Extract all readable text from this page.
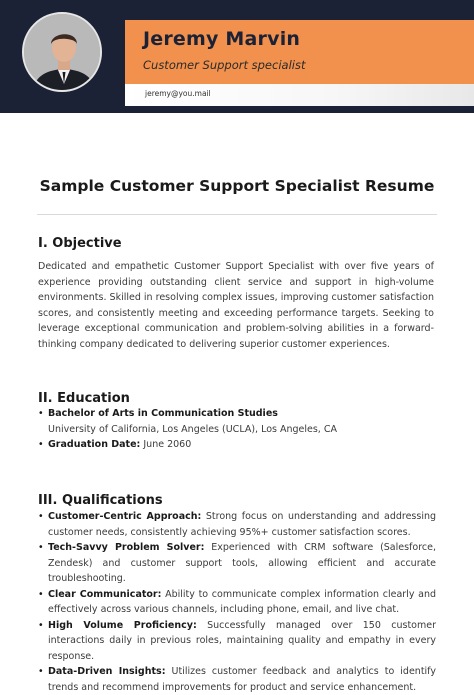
Jeremy Marvin
Customer Support specialist
jeremy@you.mail
Sample Customer Support Specialist Resume
I. Objective
Dedicated and empathetic Customer Support Specialist with over five years of experience providing outstanding client service and support in high-volume environments. Skilled in resolving complex issues, improving customer satisfaction scores, and consistently meeting and exceeding performance targets. Seeking to leverage exceptional communication and problem-solving abilities in a forward-thinking company dedicated to delivering superior customer experiences.
II. Education
• Bachelor of Arts in Communication Studies
University of California, Los Angeles (UCLA), Los Angeles, CA
• Graduation Date: June 2060
III. Qualifications
• Customer-Centric Approach: Strong focus on understanding and addressing customer needs, consistently achieving 95%+ customer satisfaction scores.
• Tech-Savvy Problem Solver: Experienced with CRM software (Salesforce, Zendesk) and customer support tools, allowing efficient and accurate troubleshooting.
• Clear Communicator: Ability to communicate complex information clearly and effectively across various channels, including phone, email, and live chat.
• High Volume Proficiency: Successfully managed over 150 customer interactions daily in previous roles, maintaining quality and empathy in every response.
• Data-Driven Insights: Utilizes customer feedback and analytics to identify trends and recommend improvements for product and service enhancement.
